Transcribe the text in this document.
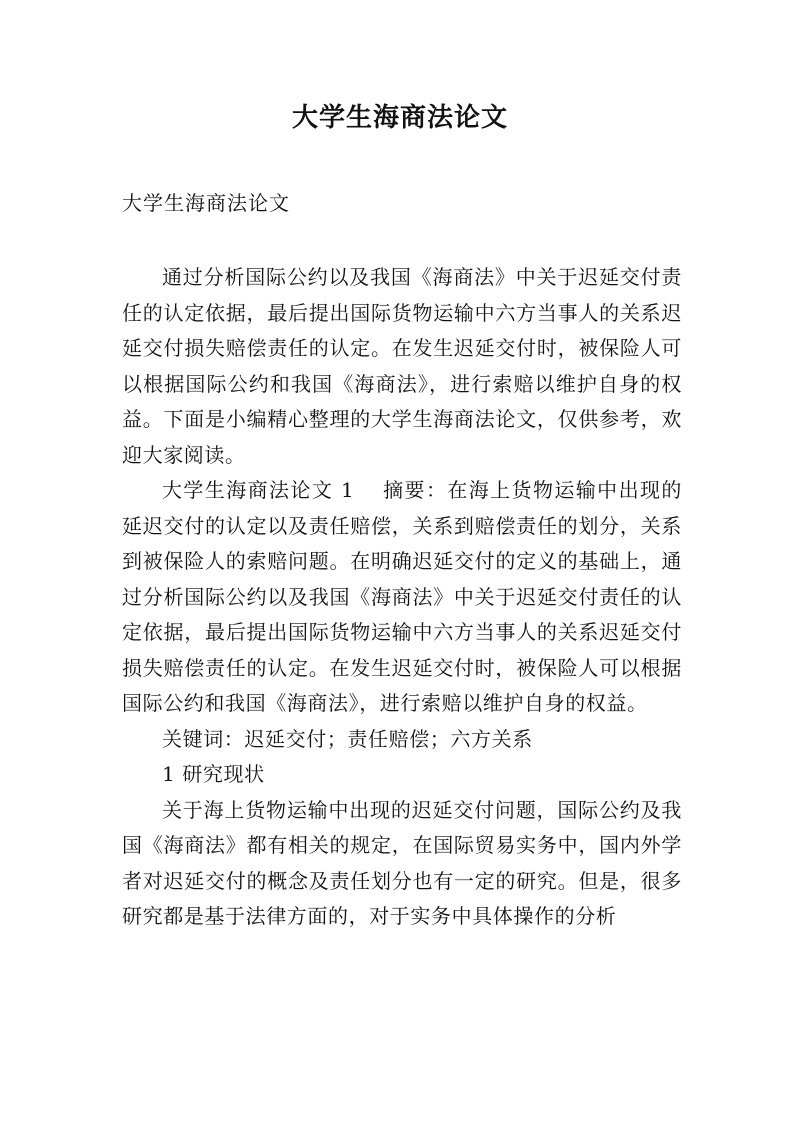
大学生海商法论文
大学生海商法论文

通过分析国际公约以及我国《海商法》中关于迟延交付责任的认定依据，最后提出国际货物运输中六方当事人的关系迟延交付损失赔偿责任的认定。在发生迟延交付时，被保险人可以根据国际公约和我国《海商法》，进行索赔以维护自身的权益。下面是小编精心整理的大学生海商法论文，仅供参考，欢迎大家阅读。

大学生海商法论文 1 摘要：在海上货物运输中出现的延迟交付的认定以及责任赔偿，关系到赔偿责任的划分，关系到被保险人的索赔问题。在明确迟延交付的定义的基础上，通过分析国际公约以及我国《海商法》中关于迟延交付责任的认定依据，最后提出国际货物运输中六方当事人的关系迟延交付损失赔偿责任的认定。在发生迟延交付时，被保险人可以根据国际公约和我国《海商法》，进行索赔以维护自身的权益。

关键词：迟延交付；责任赔偿；六方关系

1 研究现状

关于海上货物运输中出现的迟延交付问题，国际公约及我国《海商法》都有相关的规定，在国际贸易实务中，国内外学者对迟延交付的概念及责任划分也有一定的研究。但是，很多研究都是基于法律方面的，对于实务中具体操作的分析
